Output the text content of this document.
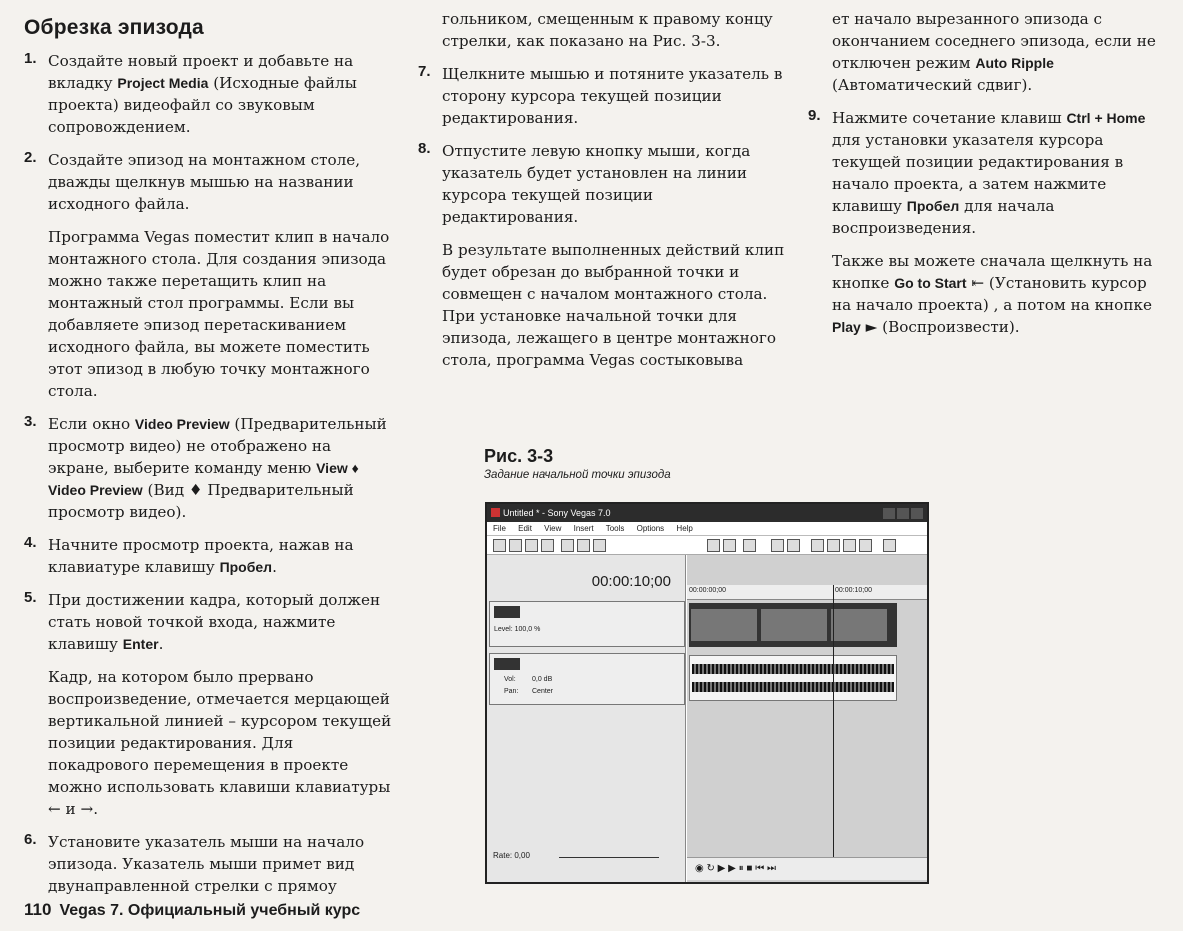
Обрезка эпизода
1. Создайте новый проект и добавьте на вкладку Project Media (Исходные файлы проекта) видеофайл со звуковым сопровождением.

2. Создайте эпизод на монтажном столе, дважды щелкнув мышью на названии исходного файла.

Программа Vegas поместит клип в начало монтажного стола. Для создания эпизода можно также перетащить клип на монтажный стол программы. Если вы добавляете эпизод перетаскиванием исходного файла, вы можете поместить этот эпизод в любую точку монтажного стола.

3. Если окно Video Preview (Предварительный просмотр видео) не отображено на экране, выберите команду меню View ♦ Video Preview (Вид ♦ Предварительный просмотр видео).

4. Начните просмотр проекта, нажав на клавиатуре клавишу Пробел.

5. При достижении кадра, который должен стать новой точкой входа, нажмите клавишу Enter.

Кадр, на котором было прервано воспроизведение, отмечается мерцающей вертикальной линией – курсором текущей позиции редактирования. Для покадрового перемещения в проекте можно использовать клавиши клавиатуры ← и →.

6. Установите указатель мыши на начало эпизода. Указатель мыши примет вид двунаправленной стрелки с прямоу

гольником, смещенным к правому концу стрелки, как показано на Рис. 3-3.

7. Щелкните мышью и потяните указатель в сторону курсора текущей позиции редактирования.

8. Отпустите левую кнопку мыши, когда указатель будет установлен на линии курсора текущей позиции редактирования.

В результате выполненных действий клип будет обрезан до выбранной точки и совмещен с началом монтажного стола. При установке начальной точки для эпизода, лежащего в центре монтажного стола, программа Vegas состыковыва

ет начало вырезанного эпизода с окончанием соседнего эпизода, если не отключен режим Auto Ripple (Автоматический сдвиг).

9. Нажмите сочетание клавиш Ctrl + Home для установки указателя курсора текущей позиции редактирования в начало проекта, а затем нажмите клавишу Пробел для начала воспроизведения.

Также вы можете сначала щелкнуть на кнопке Go to Start ⇤ (Установить курсор на начало проекта) , а потом на кнопке Play ► (Воспроизвести).

Рис. 3-3
Задание начальной точки эпизода
Untitled * - Sony Vegas 7.0
File Edit View Insert Tools Options Help
00:00:10;00
Level: 100,0 %
Vol: 0,0 dB
Pan: Center
Rate: 0,00
00:00:00;00	00:00:10;00
◉ ↻ ▶ ▶ ⏸ ■ ⏮ ⏭
110 Vegas 7. Официальный учебный курс
